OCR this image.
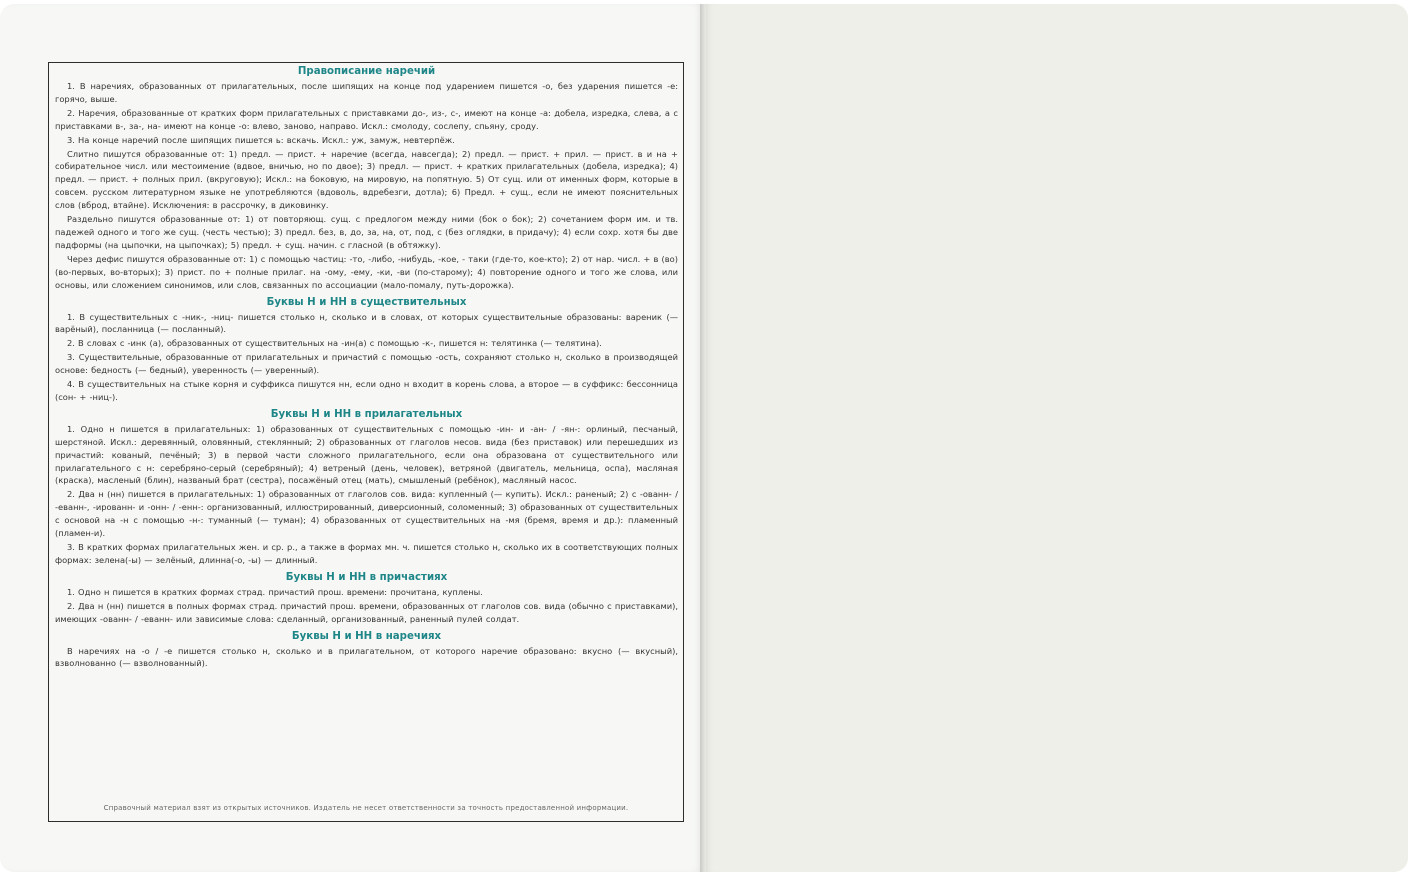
Правописание наречий

1. В наречиях, образованных от прилагательных, после шипящих на конце под ударением пишется -о, без ударения пишется -е: горячо, выше.

2. Наречия, образованные от кратких форм прилагательных с приставками до-, из-, с-, имеют на конце -а: добела, изредка, слева, а с приставками в-, за-, на- имеют на конце -о: влево, заново, направо. Искл.: смолоду, сослепу, спьяну, сроду.

3. На конце наречий после шипящих пишется ь: вскачь. Искл.: уж, замуж, невтерпёж.

Слитно пишутся образованные от: 1) предл. — прист. + наречие (всегда, навсегда); 2) предл. — прист. + прил. — прист. в и на + собирательное числ. или местоимение (вдвое, вничью, но по двое); 3) предл. — прист. + кратких прилагательных (добела, изредка); 4) предл. — прист. + полных прил. (вкруговую); Искл.: на боковую, на мировую, на попятную. 5) От сущ. или от именных форм, которые в совсем. русском литературном языке не употребляются (вдоволь, вдребезги, дотла); 6) Предл. + сущ., если не имеют пояснительных слов (вброд, втайне). Исключения: в рассрочку, в диковинку.

Раздельно пишутся образованные от: 1) от повторяющ. сущ. с предлогом между ними (бок о бок); 2) сочетанием форм им. и тв. падежей одного и того же сущ. (честь честью); 3) предл. без, в, до, за, на, от, под, с (без оглядки, в придачу); 4) если сохр. хотя бы две падформы (на цыпочки, на цыпочках); 5) предл. + сущ. начин. с гласной (в обтяжку).

Через дефис пишутся образованные от: 1) с помощью частиц: -то, -либо, -нибудь, -кое, - таки (где-то, кое-кто); 2) от нар. числ. + в (во) (во-первых, во-вторых); 3) прист. по + полные прилаг. на -ому, -ему, -ки, -ви (по-старому); 4) повторение одного и того же слова, или основы, или сложением синонимов, или слов, связанных по ассоциации (мало-помалу, путь-дорожка).

Буквы Н и НН в существительных

1. В существительных с -ник-, -ниц- пишется столько н, сколько и в словах, от которых существительные образованы: вареник (— варёный), посланница (— посланный).

2. В словах с -инк (а), образованных от существительных на -ин(а) с помощью -к-, пишется н: телятинка (— телятина).

3. Существительные, образованные от прилагательных и причастий с помощью -ость, сохраняют столько н, сколько в производящей основе: бедность (— бедный), уверенность (— уверенный).

4. В существительных на стыке корня и суффикса пишутся нн, если одно н входит в корень слова, а второе — в суффикс: бессонница (сон- + -ниц-).

Буквы Н и НН в прилагательных

1. Одно н пишется в прилагательных: 1) образованных от существительных с помощью -ин- и -ан- / -ян-: орлиный, песчаный, шерстяной. Искл.: деревянный, оловянный, стеклянный; 2) образованных от глаголов несов. вида (без приставок) или перешедших из причастий: кованый, печёный; 3) в первой части сложного прилагательного, если она образована от существительного или прилагательного с н: серебряно-серый (серебряный); 4) ветреный (день, человек), ветряной (двигатель, мельница, оспа), масляная (краска), масленый (блин), названый брат (сестра), посажёный отец (мать), смышленый (ребёнок), масляный насос.

2. Два н (нн) пишется в прилагательных: 1) образованных от глаголов сов. вида: купленный (— купить). Искл.: раненый; 2) с -ованн- / -еванн-, -ированн- и -онн- / -енн-: организованный, иллюстрированный, диверсионный, соломенный; 3) образованных от существительных с основой на -н с помощью -н-: туманный (— туман); 4) образованных от существительных на -мя (бремя, время и др.): пламенный (пламен-и).

3. В кратких формах прилагательных жен. и ср. р., а также в формах мн. ч. пишется столько н, сколько их в соответствующих полных формах: зелена(-ы) — зелёный, длинна(-о, -ы) — длинный.

Буквы Н и НН в причастиях

1. Одно н пишется в кратких формах страд. причастий прош. времени: прочитана, куплены.

2. Два н (нн) пишется в полных формах страд. причастий прош. времени, образованных от глаголов сов. вида (обычно с приставками), имеющих -ованн- / -еванн- или зависимые слова: сделанный, организованный, раненный пулей солдат.

Буквы Н и НН в наречиях

В наречиях на -о / -е пишется столько н, сколько и в прилагательном, от которого наречие образовано: вкусно (— вкусный), взволнованно (— взволнованный).

Справочный материал взят из открытых источников. Издатель не несет ответственности за точность предоставленной информации.
